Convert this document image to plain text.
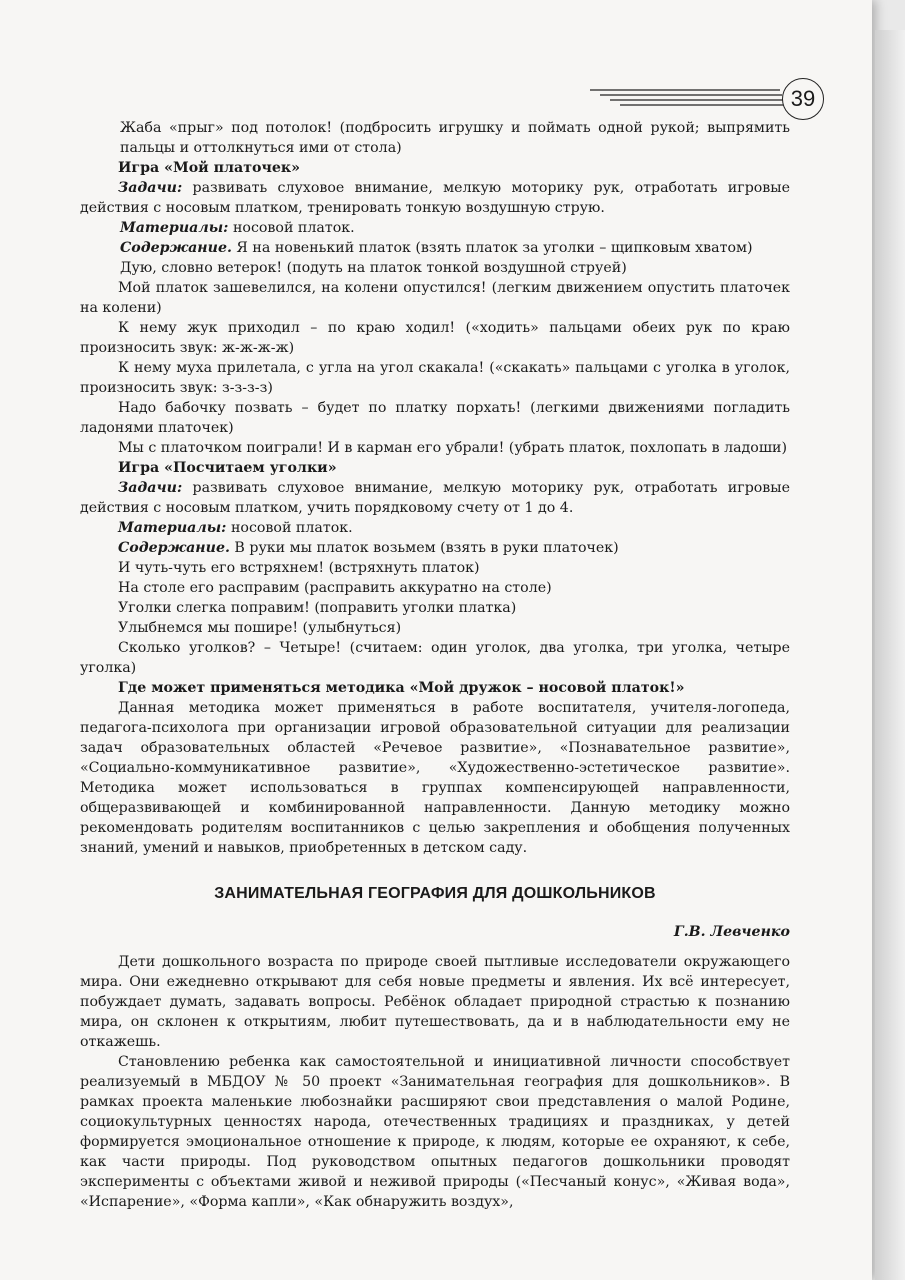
39

Жаба «прыг» под потолок! (подбросить игрушку и поймать одной рукой; выпрямить пальцы и оттолкнуться ими от стола)

Игра «Мой платочек»

Задачи: развивать слуховое внимание, мелкую моторику рук, отработать игровые действия с носовым платком, тренировать тонкую воздушную струю.

Материалы: носовой платок.

Содержание. Я на новенький платок (взять платок за уголки – щипковым хватом)

Дую, словно ветерок! (подуть на платок тонкой воздушной струей)

Мой платок зашевелился, на колени опустился! (легким движением опустить платочек на колени)

К нему жук приходил – по краю ходил! («ходить» пальцами обеих рук по краю произносить звук: ж-ж-ж-ж)

К нему муха прилетала, с угла на угол скакала! («скакать» пальцами с уголка в уголок, произносить звук: з-з-з-з)

Надо бабочку позвать – будет по платку порхать! (легкими движениями погладить ладонями платочек)

Мы с платочком поиграли! И в карман его убрали! (убрать платок, похлопать в ладоши)

Игра «Посчитаем уголки»

Задачи: развивать слуховое внимание, мелкую моторику рук, отработать игровые действия с носовым платком, учить порядковому счету от 1 до 4.

Материалы: носовой платок.

Содержание. В руки мы платок возьмем (взять в руки платочек)

И чуть-чуть его встряхнем! (встряхнуть платок)

На столе его расправим (расправить аккуратно на столе)

Уголки слегка поправим! (поправить уголки платка)

Улыбнемся мы пошире! (улыбнуться)

Сколько уголков? – Четыре! (считаем: один уголок, два уголка, три уголка, четыре уголка)

Где может применяться методика «Мой дружок – носовой платок!»

Данная методика может применяться в работе воспитателя, учителя-логопеда, педагога-психолога при организации игровой образовательной ситуации для реализации задач образовательных областей «Речевое развитие», «Познавательное развитие», «Социально-коммуникативное развитие», «Художественно-эстетическое развитие». Методика может использоваться в группах компенсирующей направленности, общеразвивающей и комбинированной направленности. Данную методику можно рекомендовать родителям воспитанников с целью закрепления и обобщения полученных знаний, умений и навыков, приобретенных в детском саду.

ЗАНИМАТЕЛЬНАЯ ГЕОГРАФИЯ ДЛЯ ДОШКОЛЬНИКОВ

Г.В. Левченко

Дети дошкольного возраста по природе своей пытливые исследователи окружающего мира. Они ежедневно открывают для себя новые предметы и явления. Их всё интересует, побуждает думать, задавать вопросы. Ребёнок обладает природной страстью к познанию мира, он склонен к открытиям, любит путешествовать, да и в наблюдательности ему не откажешь.

Становлению ребенка как самостоятельной и инициативной личности способствует реализуемый в МБДОУ № 50 проект «Занимательная география для дошкольников». В рамках проекта маленькие любознайки расширяют свои представления о малой Родине, социокультурных ценностях народа, отечественных традициях и праздниках, у детей формируется эмоциональное отношение к природе, к людям, которые ее охраняют, к себе, как части природы. Под руководством опытных педагогов дошкольники проводят эксперименты с объектами живой и неживой природы («Песчаный конус», «Живая вода», «Испарение», «Форма капли», «Как обнаружить воздух»,
